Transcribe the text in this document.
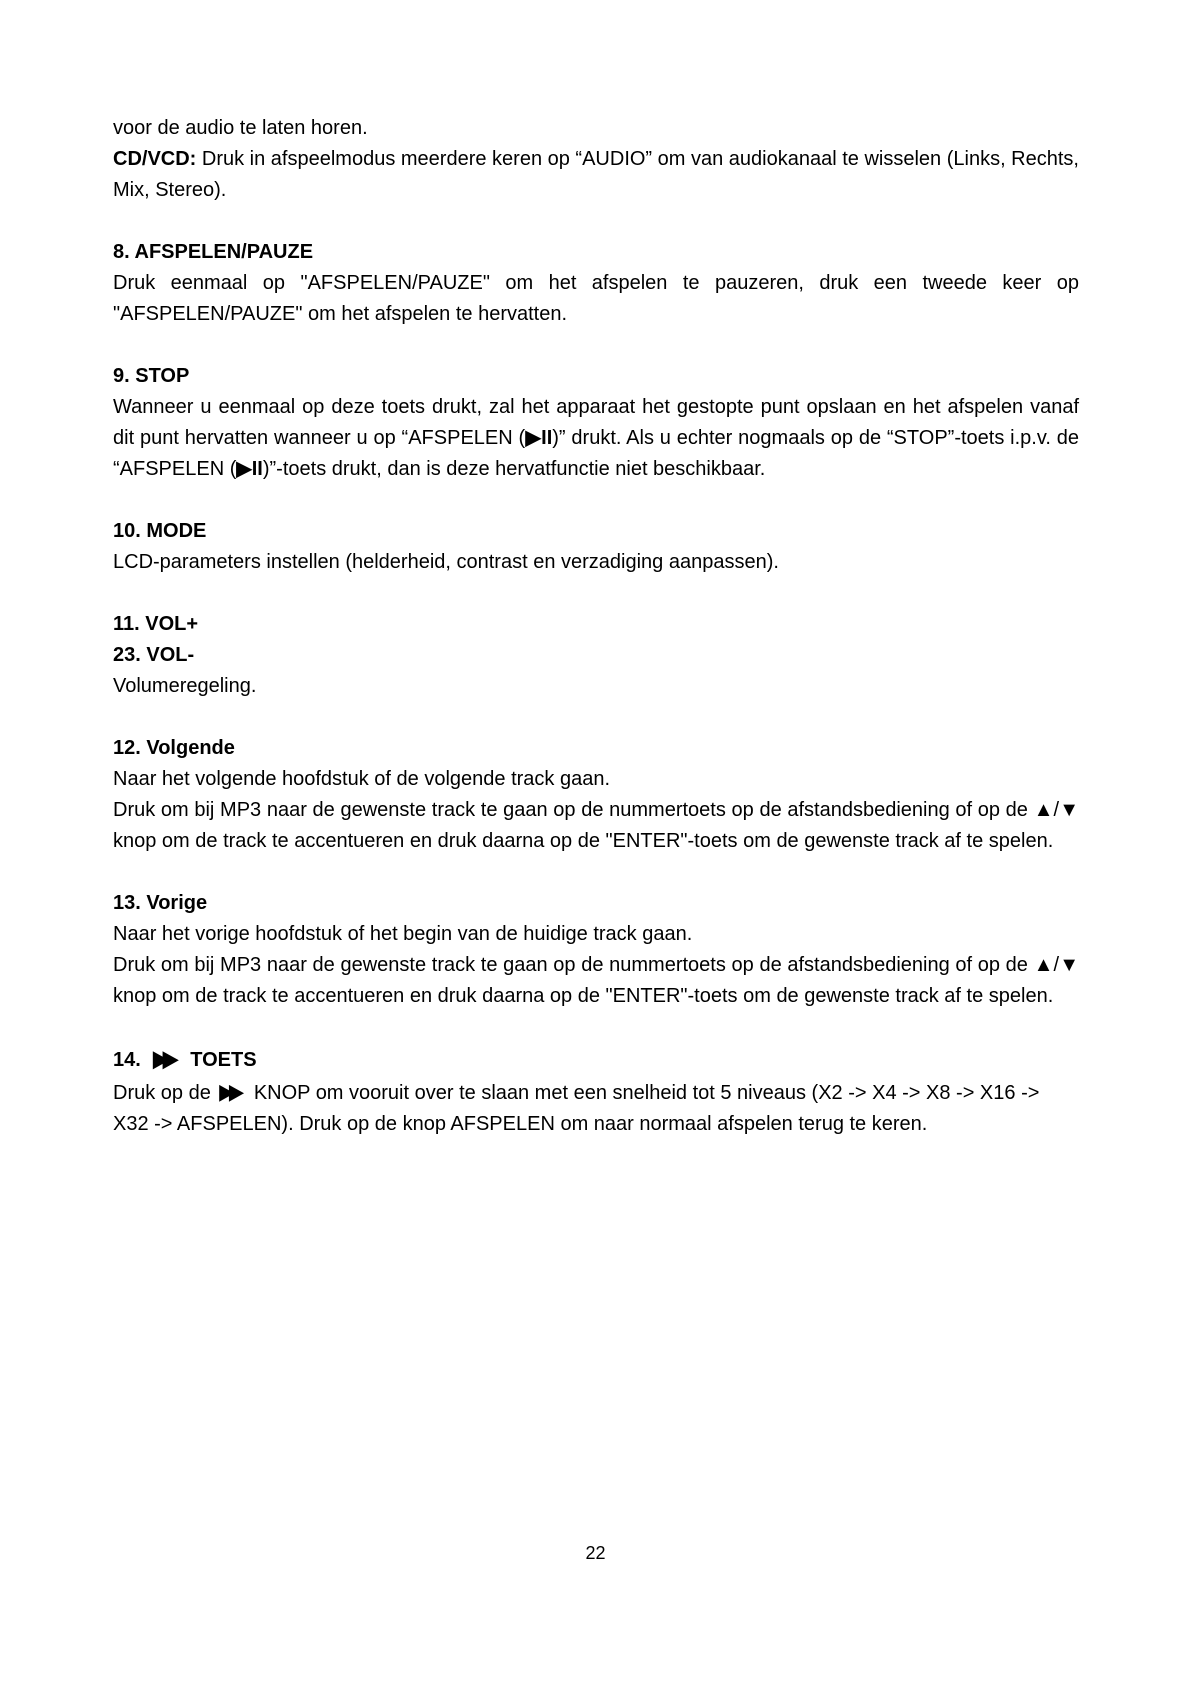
voor de audio te laten horen.

CD/VCD: Druk in afspeelmodus meerdere keren op “AUDIO” om van audiokanaal te wisselen (Links, Rechts, Mix, Stereo).

8. AFSPELEN/PAUZE

Druk eenmaal op "AFSPELEN/PAUZE" om het afspelen te pauzeren, druk een tweede keer op "AFSPELEN/PAUZE" om het afspelen te hervatten.

9. STOP

Wanneer u eenmaal op deze toets drukt, zal het apparaat het gestopte punt opslaan en het afspelen vanaf dit punt hervatten wanneer u op “AFSPELEN (▶II)” drukt. Als u echter nogmaals op de “STOP”-toets i.p.v. de “AFSPELEN (▶II)”-toets drukt, dan is deze hervatfunctie niet beschikbaar.

10. MODE

LCD-parameters instellen (helderheid, contrast en verzadiging aanpassen).

11. VOL+
23. VOL-

Volumeregeling.

12. Volgende

Naar het volgende hoofdstuk of de volgende track gaan.

Druk om bij MP3 naar de gewenste track te gaan op de nummertoets op de afstandsbediening of op de ▲/▼ knop om de track te accentueren en druk daarna op de "ENTER"-toets om de gewenste track af te spelen.

13. Vorige

Naar het vorige hoofdstuk of het begin van de huidige track gaan.

Druk om bij MP3 naar de gewenste track te gaan op de nummertoets op de afstandsbediening of op de ▲/▼ knop om de track te accentueren en druk daarna op de "ENTER"-toets om de gewenste track af te spelen.

14. ▶▶ TOETS

Druk op de ▶▶ KNOP om vooruit over te slaan met een snelheid tot 5 niveaus (X2 -> X4 -> X8 -> X16 -> X32 -> AFSPELEN). Druk op de knop AFSPELEN om naar normaal afspelen terug te keren.

22
